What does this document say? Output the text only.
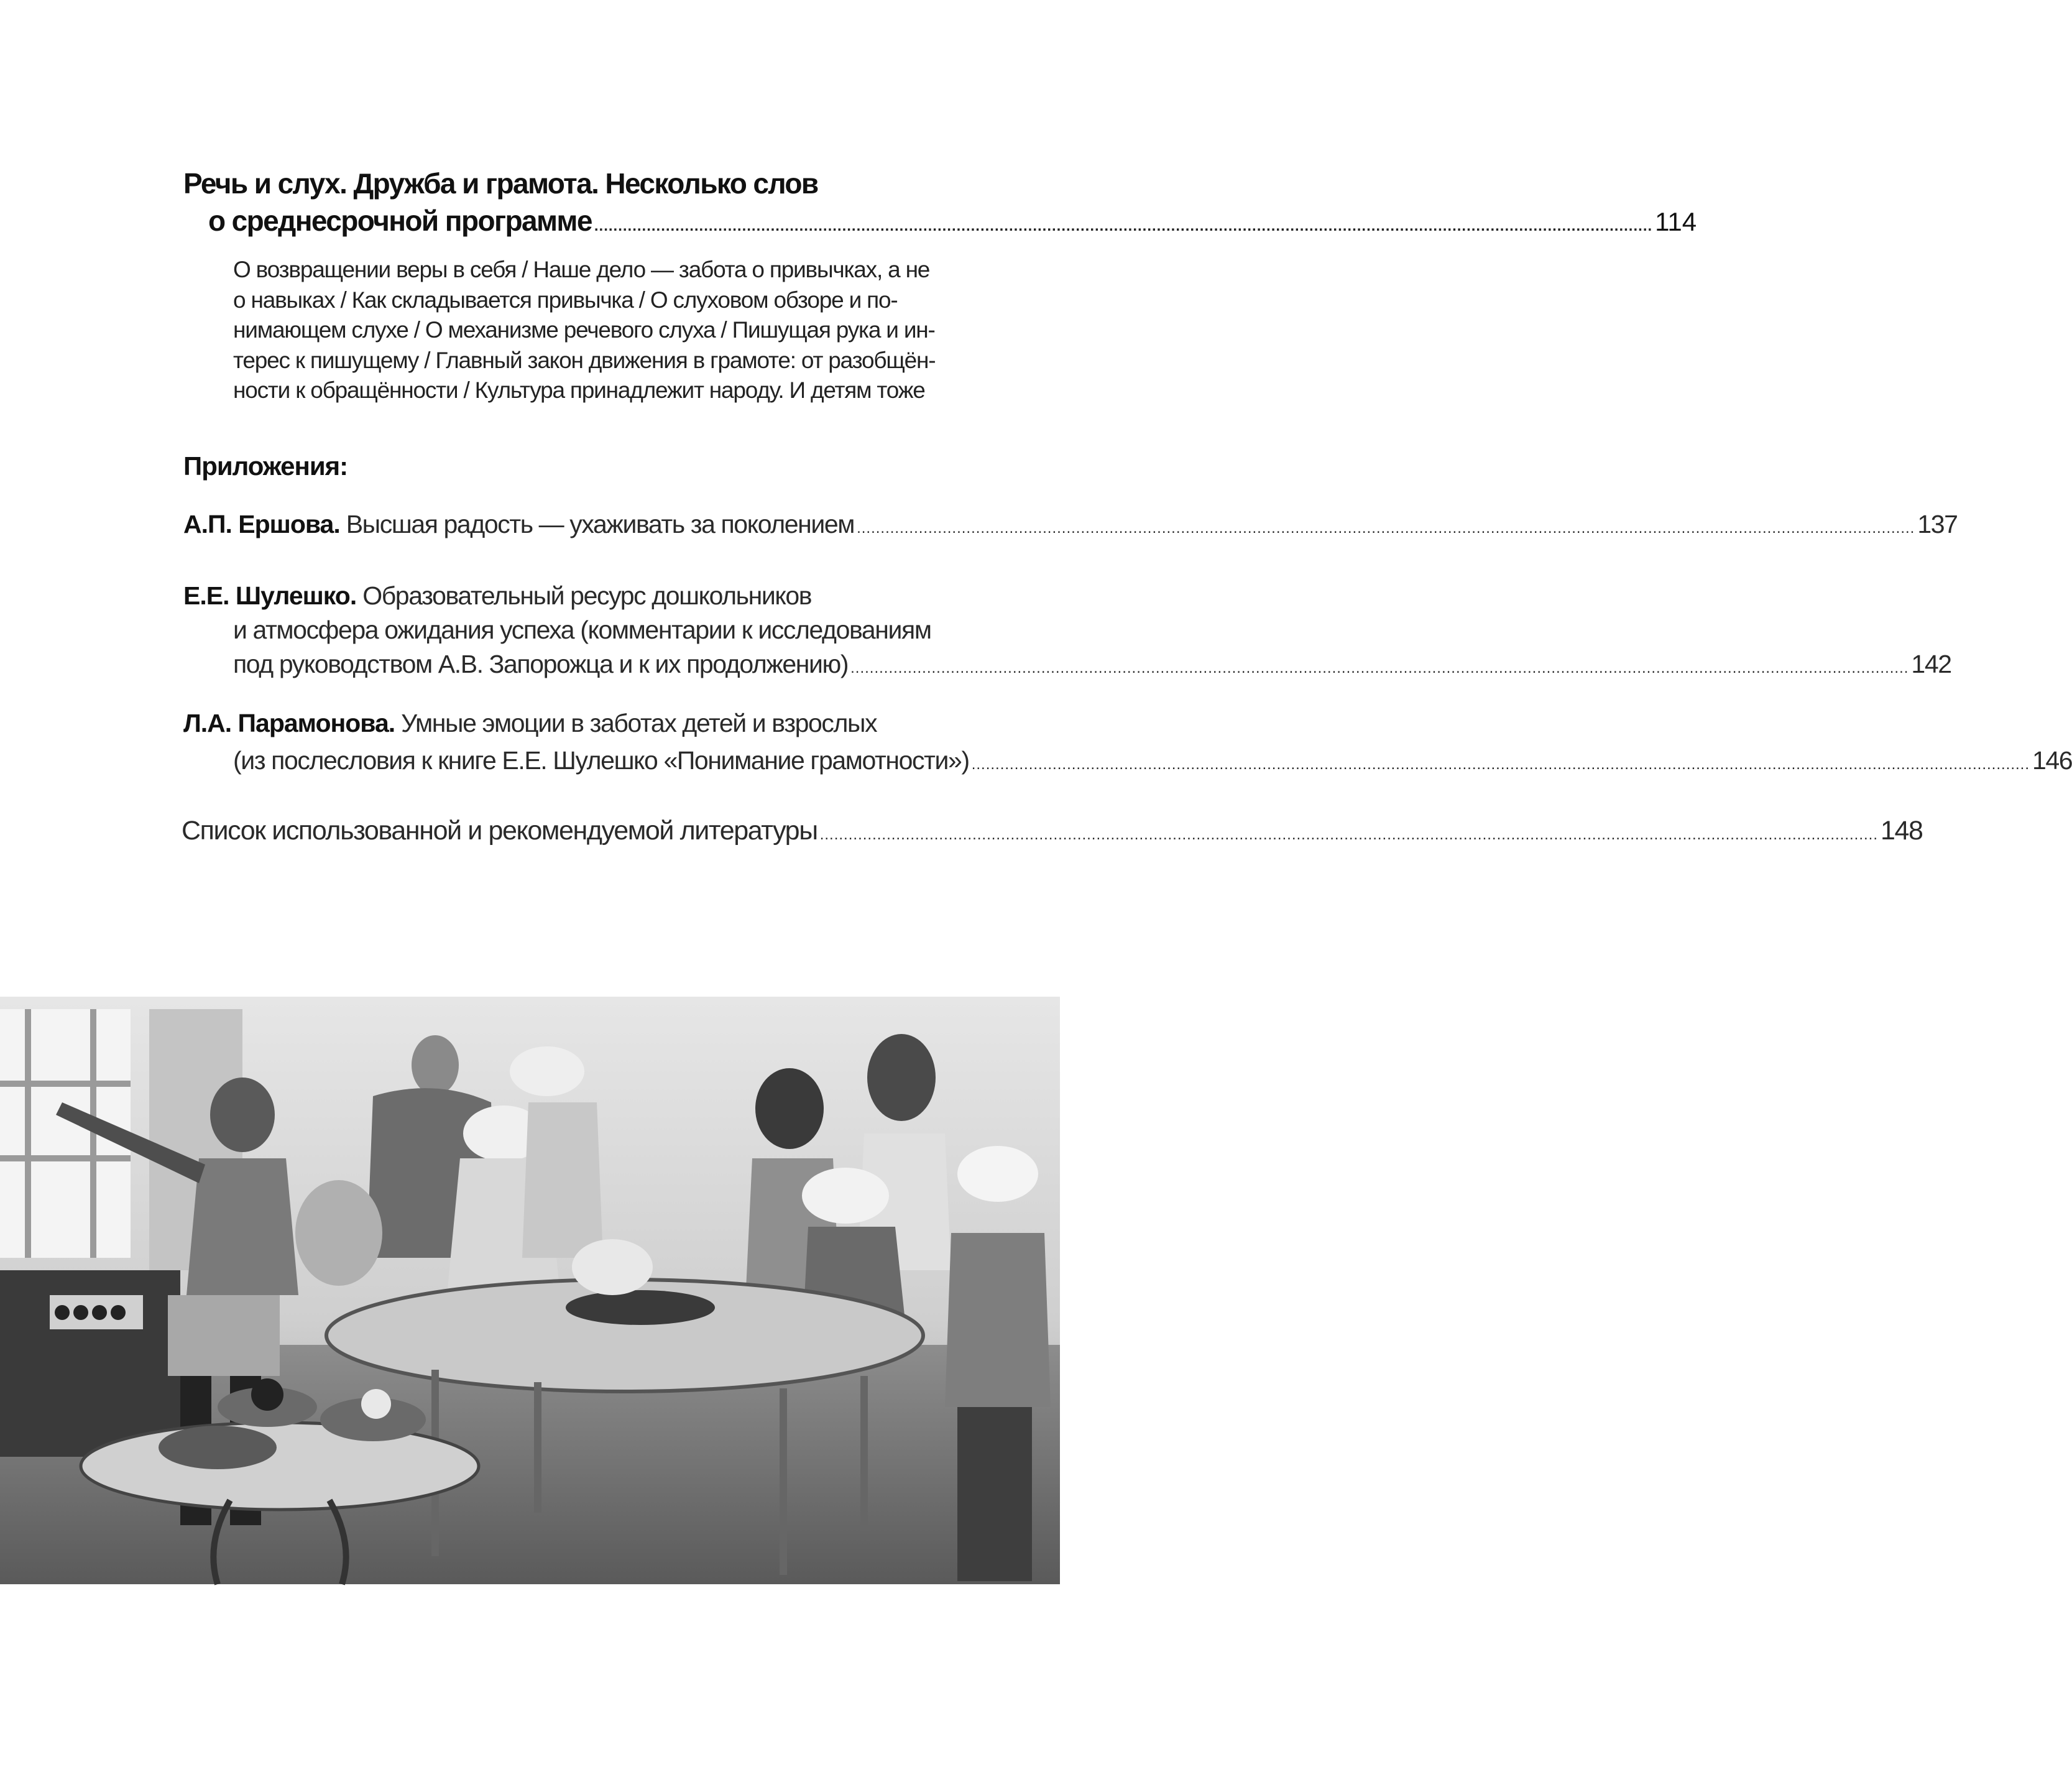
Речь и слух. Дружба и грамота. Несколько слов
о среднесрочной программе .............................................................................................................................................................................................................................. 114
О возвращении веры в себя / Наше дело — забота о привычках, а не
о навыках / Как складывается привычка / О слуховом обзоре и по-
нимающем слухе / О механизме речевого слуха / Пишущая рука и ин-
терес к пишущему / Главный закон движения в грамоте: от разобщён-
ности к обращённости / Культура принадлежит народу. И детям тоже
Приложения:
А.П. Ершова. Высшая радость — ухаживать за поколением .............................................................................................................................................................................................................................. 137
Е.Е. Шулешко. Образовательный ресурс дошкольников
и атмосфера ожидания успеха (комментарии к исследованиям
под руководством А.В. Запорожца и к их продолжению) .............................................................................................................................................................................................................................. 142
Л.А. Парамонова. Умные эмоции в заботах детей и взрослых
(из послесловия к книге Е.Е. Шулешко «Понимание грамотности») .............................................................................................................................................................................................................................. 146
Список использованной и рекомендуемой литературы .............................................................................................................................................................................................................................. 148
